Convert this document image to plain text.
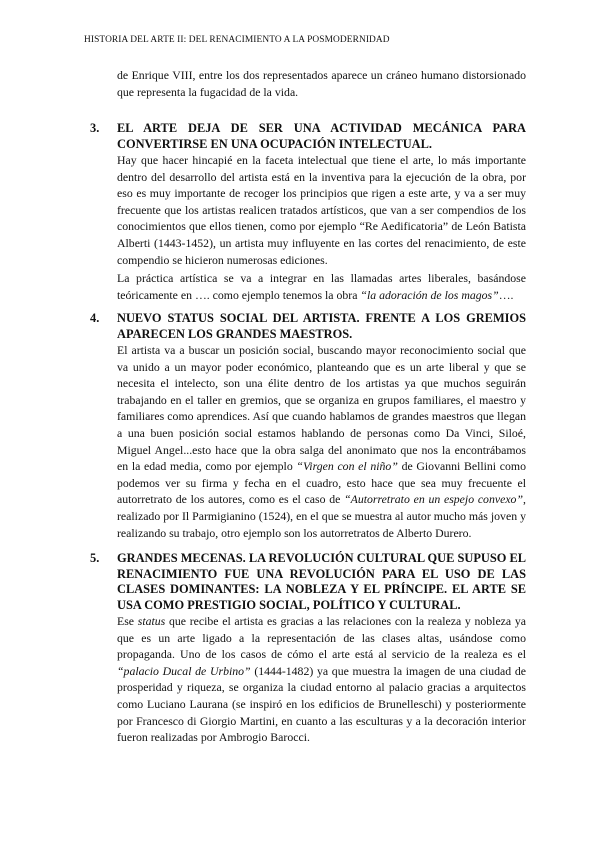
HISTORIA DEL ARTE II: DEL RENACIMIENTO A LA POSMODERNIDAD

de Enrique VIII, entre los dos representados aparece un cráneo humano distorsionado que representa la fugacidad de la vida.

3. EL ARTE DEJA DE SER UNA ACTIVIDAD MECÁNICA PARA CONVERTIRSE EN UNA OCUPACIÓN INTELECTUAL.

Hay que hacer hincapié en la faceta intelectual que tiene el arte, lo más importante dentro del desarrollo del artista está en la inventiva para la ejecución de la obra, por eso es muy importante de recoger los principios que rigen a este arte, y va a ser muy frecuente que los artistas realicen tratados artísticos, que van a ser compendios de los conocimientos que ellos tienen, como por ejemplo “Re Aedificatoria” de León Batista Alberti (1443-1452), un artista muy influyente en las cortes del renacimiento, de este compendio se hicieron numerosas ediciones.

La práctica artística se va a integrar en las llamadas artes liberales, basándose teóricamente en …. como ejemplo tenemos la obra “la adoración de los magos”….

4. NUEVO STATUS SOCIAL DEL ARTISTA. FRENTE A LOS GREMIOS APARECEN LOS GRANDES MAESTROS.

El artista va a buscar un posición social, buscando mayor reconocimiento social que va unido a un mayor poder económico, planteando que es un arte liberal y que se necesita el intelecto, son una élite dentro de los artistas ya que muchos seguirán trabajando en el taller en gremios, que se organiza en grupos familiares, el maestro y familiares como aprendices. Así que cuando hablamos de grandes maestros que llegan a una buen posición social estamos hablando de personas como Da Vinci, Siloé, Miguel Angel...esto hace que la obra salga del anonimato que nos la encontrábamos en la edad media, como por ejemplo “Virgen con el niño” de Giovanni Bellini como podemos ver su firma y fecha en el cuadro, esto hace que sea muy frecuente el autorretrato de los autores, como es el caso de “Autorretrato en un espejo convexo”, realizado por Il Parmigianino (1524), en el que se muestra al autor mucho más joven y realizando su trabajo, otro ejemplo son los autorretratos de Alberto Durero.

5. GRANDES MECENAS. LA REVOLUCIÓN CULTURAL QUE SUPUSO EL RENACIMIENTO FUE UNA REVOLUCIÓN PARA EL USO DE LAS CLASES DOMINANTES: LA NOBLEZA Y EL PRÍNCIPE. EL ARTE SE USA COMO PRESTIGIO SOCIAL, POLÍTICO Y CULTURAL.

Ese status que recibe el artista es gracias a las relaciones con la realeza y nobleza ya que es un arte ligado a la representación de las clases altas, usándose como propaganda. Uno de los casos de cómo el arte está al servicio de la realeza es el “palacio Ducal de Urbino” (1444-1482) ya que muestra la imagen de una ciudad de prosperidad y riqueza, se organiza la ciudad entorno al palacio gracias a arquitectos como Luciano Laurana (se inspiró en los edificios de Brunelleschi) y posteriormente por Francesco di Giorgio Martini, en cuanto a las esculturas y a la decoración interior fueron realizadas por Ambrogio Barocci.
